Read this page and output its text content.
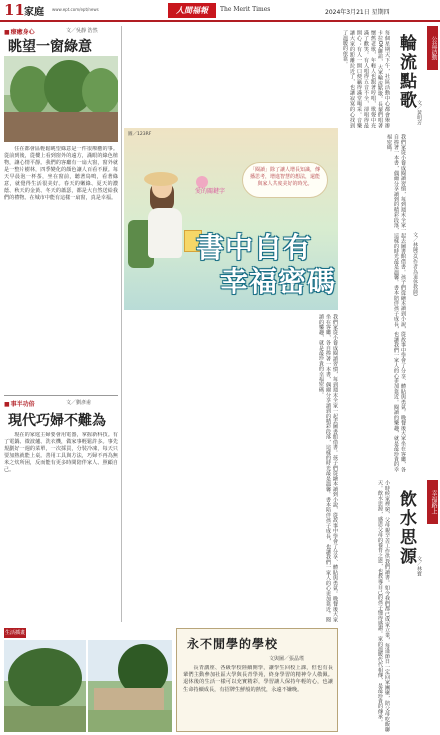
11 家庭 www.ept.com/ept/news	人間福報	The Merit Times	2024年3月21日 星期四
■ 療癒身心	文／吳靜 浩然
眺望一窗綠意
住在都會區輕鬆眺望綠意是一件很療癒的事。從前到後，從樓上看到窗外的遠方，滿眼的綠色植物，讓心情平靜。我們的客廳有一扇大窗，窗外就是一整片樹林，四季變化的顏色讓人百看不厭。每天早晨泡一杯茶，坐在窗前，聽著鳥鳴，看著綠意，就覺得生活很美好。春天的嫩綠、夏天的濃蔭、秋天的金黃、冬天的蕭瑟，都是大自然送給我們的禮物。在城市中能有這樣一扇窗，真是幸福。
■ 事半功倍	文／劉彥甫
現代巧婦不難為
現在的家庭主婦要會用電器，掌握新科技。有了電鍋、微波爐、洗衣機，做家事輕鬆許多。事先規劃好一週的菜單，一次採買，分裝冷凍，每天只要加熱就能上桌。善用工具與方法，巧婦不再為無米之炊所困，反而能有更多時間陪伴家人、照顧自己。
公益活動
輪流點歌
文／黃明芳
每個星期天下午，社區活動中心都會舉辦卡拉OK聯誼，大家輪流點歌。長輩們唱著懷舊老歌，年輕人也跟著哼唱，歌聲中充滿了歡笑。有人唱得五音不全，卻唱得最開心；有人一開口便贏得滿堂喝采。音樂讓大家的距離拉近了，也讓寂寞的心找到了溫暖的依靠。
幸福路上
飲水思源 文／林寶
小時候家裡窮，父母親辛苦工作供我們讀書。如今我們都已成家立業，每逢節日一定回家團聚，陪父母吃飯聊天。飲水思源，感恩父母的養育之恩，也教導自己的孩子懂得感謝。家的溫暖代代相傳，是最珍貴的傳承。
文／林陳芳(作者為退休教師)
我們家從小養成閱讀習慣，每到週末全家一起去圖書館借書。孩子們從繪本讀到小說，從故事中學會了分享、體貼與勇氣。晚餐後大家坐在客廳，各自捧著一本書，偶爾分享讀到的精彩段落，這樣的時光最是溫馨。書本陪伴孩子成長，也讓我們一家人的心更加靠近。閱讀的樂趣，就是最珍貴的幸福密碼。
我們家從小養成閱讀習慣，每到週末全家一起去圖書館借書。孩子們從繪本讀到小說，從故事中學會了分享、體貼與勇氣。晚餐後大家坐在客廳，各自捧著一本書，偶爾分享讀到的精彩段落，這樣的時光最是溫馨。書本陪伴孩子成長，也讓我們一家人的心更加靠近。閱讀的樂趣，就是最珍貴的幸福密碼。
圖／123RF
愛的關鍵字
「閱讀」除了讓人增長知識，傳播思考，增進智慧的想法，還能與家人共度美好的時光。
書中自有
幸福密碼
生活插畫
永不閒學的學校
文與圖／張晶瑤
長青講座、各級學校陸續開學，讓學生回校上課，但也有長輩們主動參加社區大學與長青學苑，終身學習的精神令人敬佩。退休後的生活一樣可以充實精彩，學習讓人保持年輕的心，也讓生命持續成長，有招牌生鮮般的熱忱，永遠不嫌晚。
